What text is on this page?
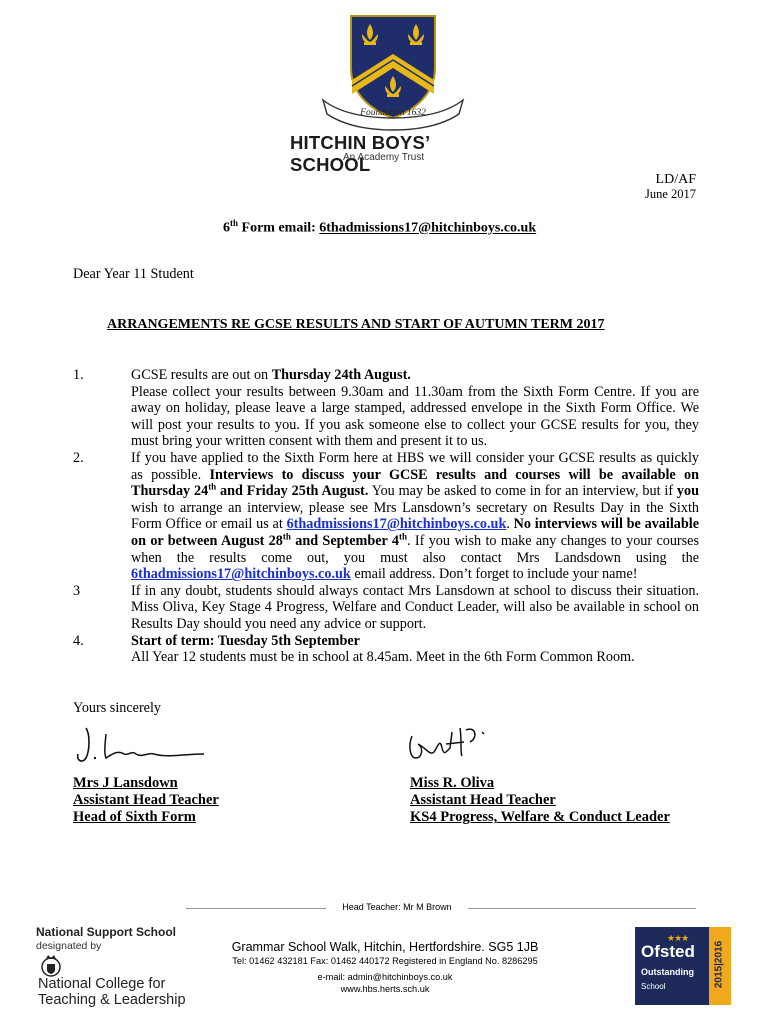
Foundation 1632
HITCHIN BOYS’ SCHOOL
An Academy Trust
LD/AF
June 2017
6th Form email: 6thadmissions17@hitchinboys.co.uk
Dear Year 11 Student
ARRANGEMENTS RE GCSE RESULTS AND START OF AUTUMN TERM 2017
1.	GCSE results are out on Thursday 24th August.
Please collect your results between 9.30am and 11.30am from the Sixth Form Centre. If you are away on holiday, please leave a large stamped, addressed envelope in the Sixth Form Office. We will post your results to you. If you ask someone else to collect your GCSE results for you, they must bring your written consent with them and present it to us.
2.	If you have applied to the Sixth Form here at HBS we will consider your GCSE results as quickly as possible. Interviews to discuss your GCSE results and courses will be available on Thursday 24th and Friday 25th August. You may be asked to come in for an interview, but if you wish to arrange an interview, please see Mrs Lansdown’s secretary on Results Day in the Sixth Form Office or email us at 6thadmissions17@hitchinboys.co.uk. No interviews will be available on or between August 28th and September 4th. If you wish to make any changes to your courses when the results come out, you must also contact Mrs Landsdown using the 6thadmissions17@hitchinboys.co.uk email address. Don’t forget to include your name!
3	If in any doubt, students should always contact Mrs Lansdown at school to discuss their situation. Miss Oliva, Key Stage 4 Progress, Welfare and Conduct Leader, will also be available in school on Results Day should you need any advice or support.
4.	Start of term: Tuesday 5th September
All Year 12 students must be in school at 8.45am. Meet in the 6th Form Common Room.
Yours sincerely
Mrs J Lansdown
Assistant Head Teacher
Head of Sixth Form
Miss R. Oliva
Assistant Head Teacher
KS4 Progress, Welfare & Conduct Leader
Head Teacher: Mr M Brown
National Support School
designated by
National College for
Teaching & Leadership
Grammar School Walk, Hitchin, Hertfordshire. SG5 1JB
Tel: 01462 432181 Fax: 01462 440172 Registered in England No. 8286295
e-mail: admin@hitchinboys.co.uk
www.hbs.herts.sch.uk
★★★
Ofsted
Outstanding
School	2015|2016
